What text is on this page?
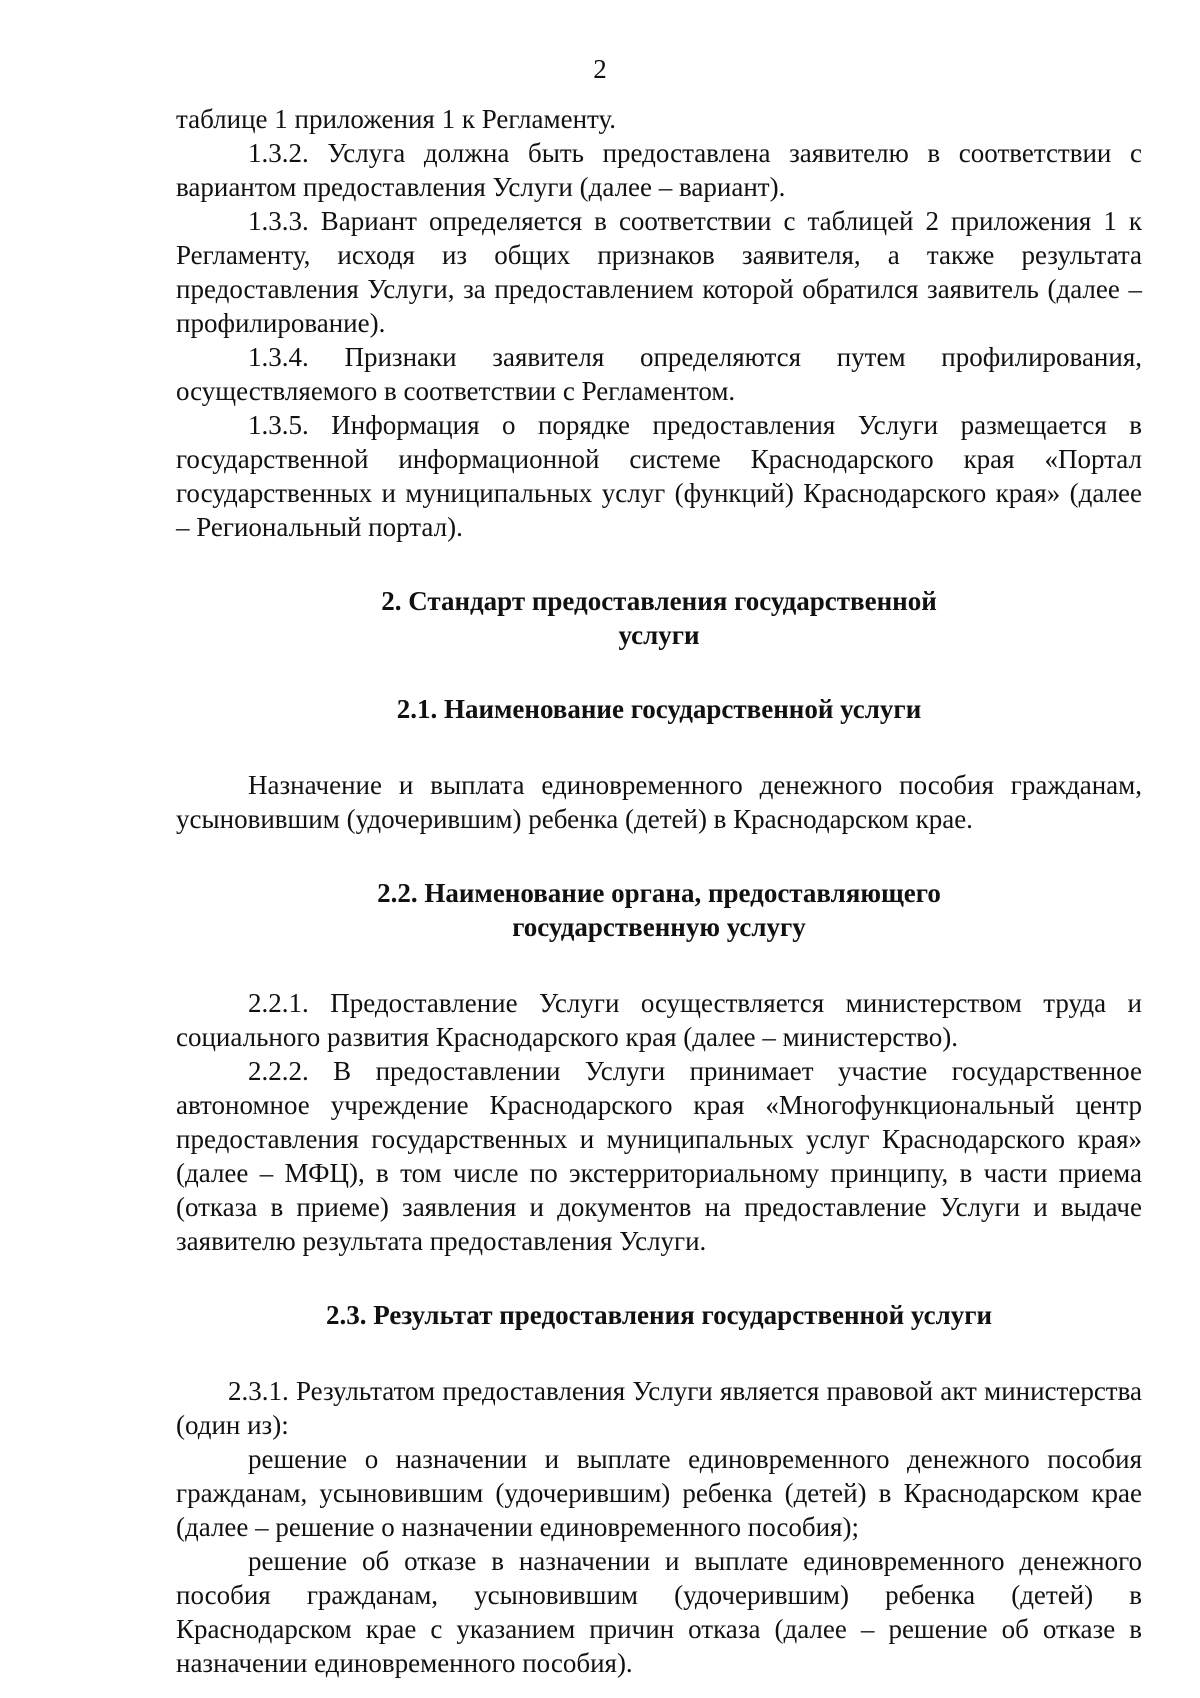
2

таблице 1 приложения 1 к Регламенту.

1.3.2. Услуга должна быть предоставлена заявителю в соответствии с вариантом предоставления Услуги (далее – вариант).

1.3.3. Вариант определяется в соответствии с таблицей 2 приложения 1 к Регламенту, исходя из общих признаков заявителя, а также результата предоставления Услуги, за предоставлением которой обратился заявитель (далее – профилирование).

1.3.4. Признаки заявителя определяются путем профилирования, осуществляемого в соответствии с Регламентом.

1.3.5. Информация о порядке предоставления Услуги размещается в государственной информационной системе Краснодарского края «Портал государственных и муниципальных услуг (функций) Краснодарского края» (далее – Региональный портал).

2. Стандарт предоставления государственной
услуги
2.1. Наименование государственной услуги

Назначение и выплата единовременного денежного пособия гражданам, усыновившим (удочерившим) ребенка (детей) в Краснодарском крае.

2.2. Наименование органа, предоставляющего
государственную услугу

2.2.1. Предоставление Услуги осуществляется министерством труда и социального развития Краснодарского края (далее – министерство).

2.2.2. В предоставлении Услуги принимает участие государственное автономное учреждение Краснодарского края «Многофункциональный центр предоставления государственных и муниципальных услуг Краснодарского края» (далее – МФЦ), в том числе по экстерриториальному принципу, в части приема (отказа в приеме) заявления и документов на предоставление Услуги и выдаче заявителю результата предоставления Услуги.

2.3. Результат предоставления государственной услуги

2.3.1. Результатом предоставления Услуги является правовой акт министерства (один из):

решение о назначении и выплате единовременного денежного пособия гражданам, усыновившим (удочерившим) ребенка (детей) в Краснодарском крае (далее – решение о назначении единовременного пособия);

решение об отказе в назначении и выплате единовременного денежного пособия гражданам, усыновившим (удочерившим) ребенка (детей) в Краснодарском крае с указанием причин отказа (далее – решение об отказе в назначении единовременного пособия).
